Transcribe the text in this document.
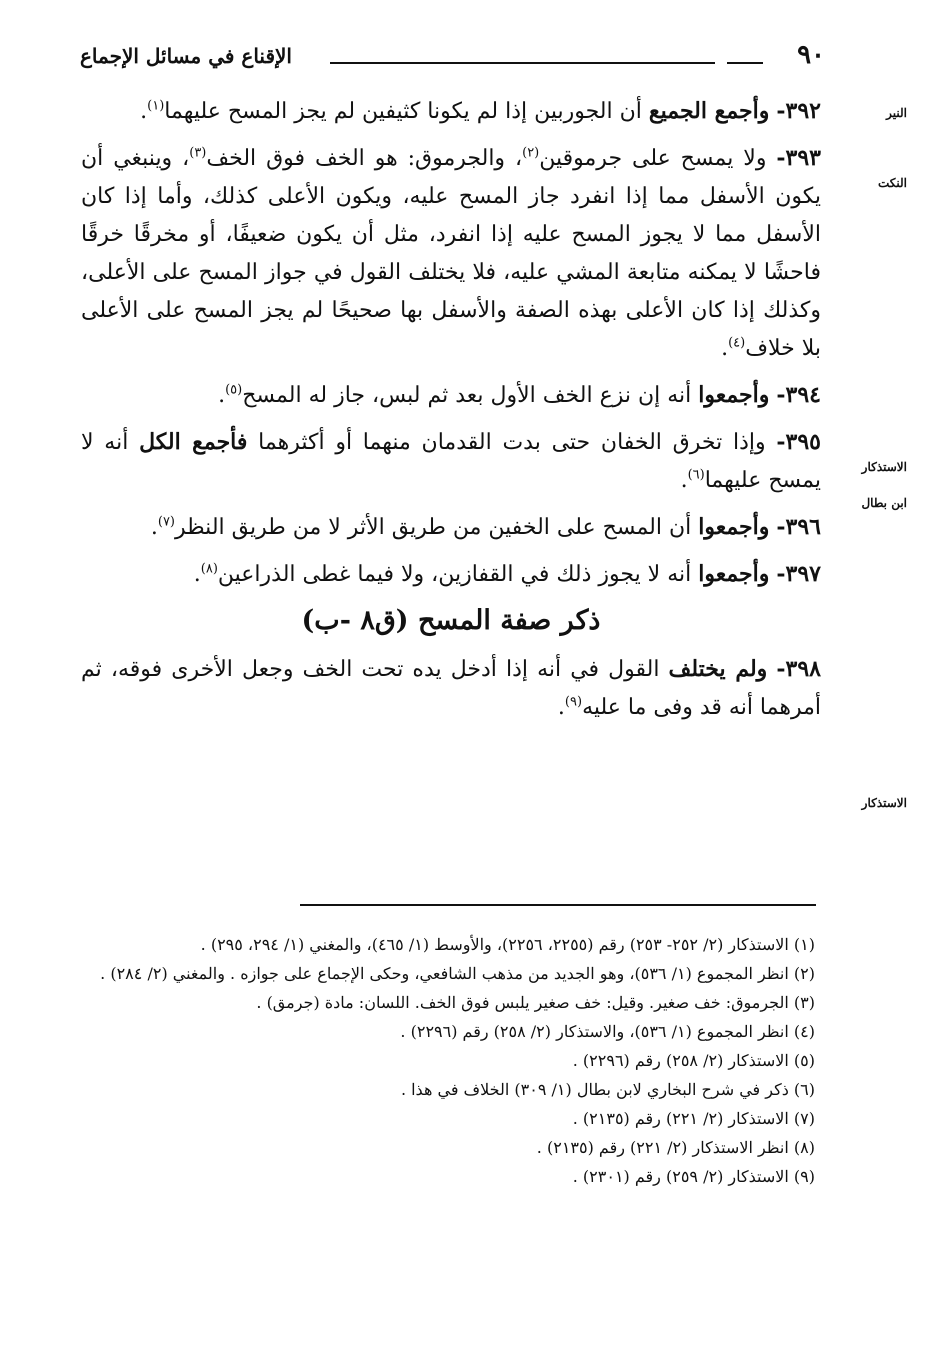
٩٠
الإقناع في مسائل الإجماع
النير
النكت
الاستذكار
ابن بطال
الاستذكار

٣٩٢- وأجمع الجميع أن الجوربين إذا لم يكونا كثيفين لم يجز المسح عليهما$^{(١)}$.

٣٩٣- ولا يمسح على جرموقين$^{(٢)}$، والجرموق: هو الخف فوق الخف$^{(٣)}$، وينبغي أن يكون الأسفل مما إذا انفرد جاز المسح عليه، ويكون الأعلى كذلك، وأما إذا كان الأسفل مما لا يجوز المسح عليه إذا انفرد، مثل أن يكون ضعيفًا، أو مخرقًا خرقًا فاحشًا لا يمكنه متابعة المشي عليه، فلا يختلف القول في جواز المسح على الأعلى، وكذلك إذا كان الأعلى بهذه الصفة والأسفل بها صحيحًا لم يجز المسح على الأعلى بلا خلاف$^{(٤)}$.

٣٩٤- وأجمعوا أنه إن نزع الخف الأول بعد ثم لبس، جاز له المسح$^{(٥)}$.

٣٩٥- وإذا تخرق الخفان حتى بدت القدمان منهما أو أكثرهما فأجمع الكل أنه لا يمسح عليهما$^{(٦)}$.

٣٩٦- وأجمعوا أن المسح على الخفين من طريق الأثر لا من طريق النظر$^{(٧)}$.

٣٩٧- وأجمعوا أنه لا يجوز ذلك في القفازين، ولا فيما غطى الذراعين$^{(٨)}$.

ذكر صفة المسح (ق٨ -ب)

٣٩٨- ولم يختلف القول في أنه إذا أدخل يده تحت الخف وجعل الأخرى فوقه، ثم أمرهما أنه قد وفى ما عليه$^{(٩)}$.

(١) الاستذكار (٢/ ٢٥٢- ٢٥٣) رقم (٢٢٥٥، ٢٢٥٦)، والأوسط (١/ ٤٦٥)، والمغني (١/ ٢٩٤، ٢٩٥) .

(٢) انظر المجموع (١/ ٥٣٦)، وهو الجديد من مذهب الشافعي، وحكى الإجماع على جوازه . والمغني (٢/ ٢٨٤) .

(٣) الجرموق: خف صغير. وقيل: خف صغير يلبس فوق الخف. اللسان: مادة (جرمق) .

(٤) انظر المجموع (١/ ٥٣٦)، والاستذكار (٢/ ٢٥٨) رقم (٢٢٩٦) .

(٥) الاستذكار (٢/ ٢٥٨) رقم (٢٢٩٦) .

(٦) ذكر في شرح البخاري لابن بطال (١/ ٣٠٩) الخلاف في هذا .

(٧) الاستذكار (٢/ ٢٢١) رقم (٢١٣٥) .

(٨) انظر الاستذكار (٢/ ٢٢١) رقم (٢١٣٥) .

(٩) الاستذكار (٢/ ٢٥٩) رقم (٢٣٠١) .
